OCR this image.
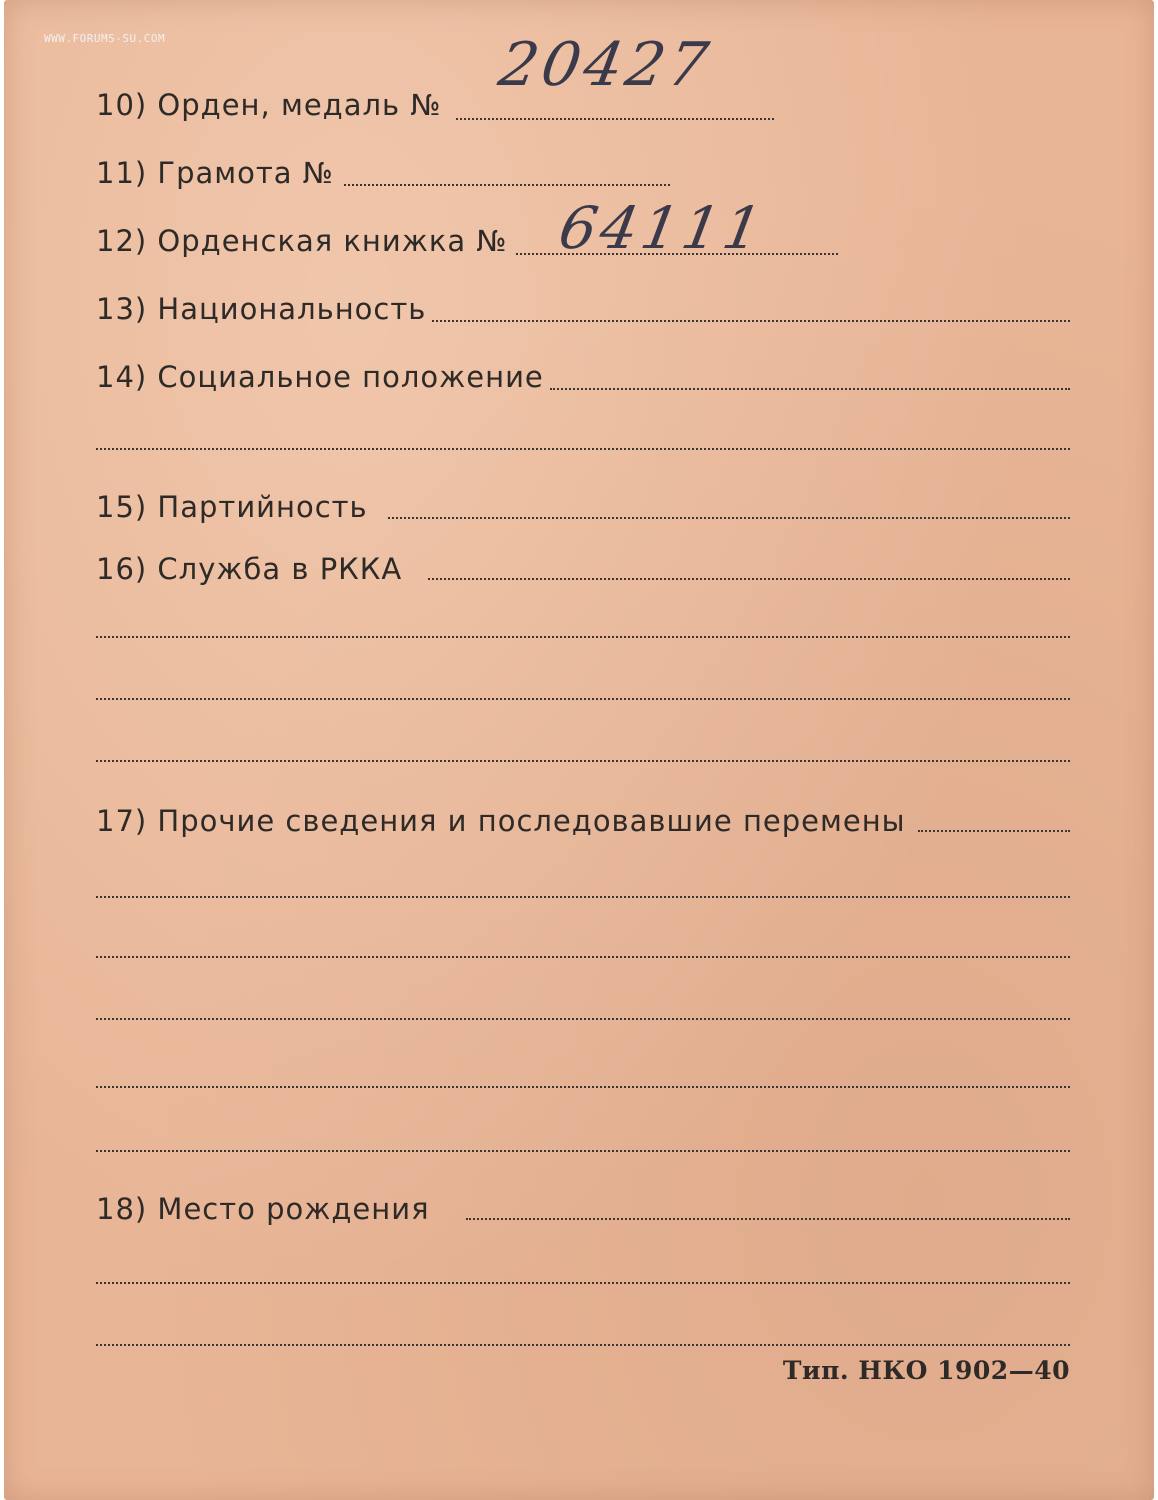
WWW.FORUMS-SU.COM
10) Орден, медаль №
20427
11) Грамота №
12) Орденская книжка № 64111
13) Национальность
14) Социальное положение
15) Партийность
16) Служба в РККА
17) Прочие сведения и последовавшие перемены
18) Место рождения
Тип. НКО 1902—40
